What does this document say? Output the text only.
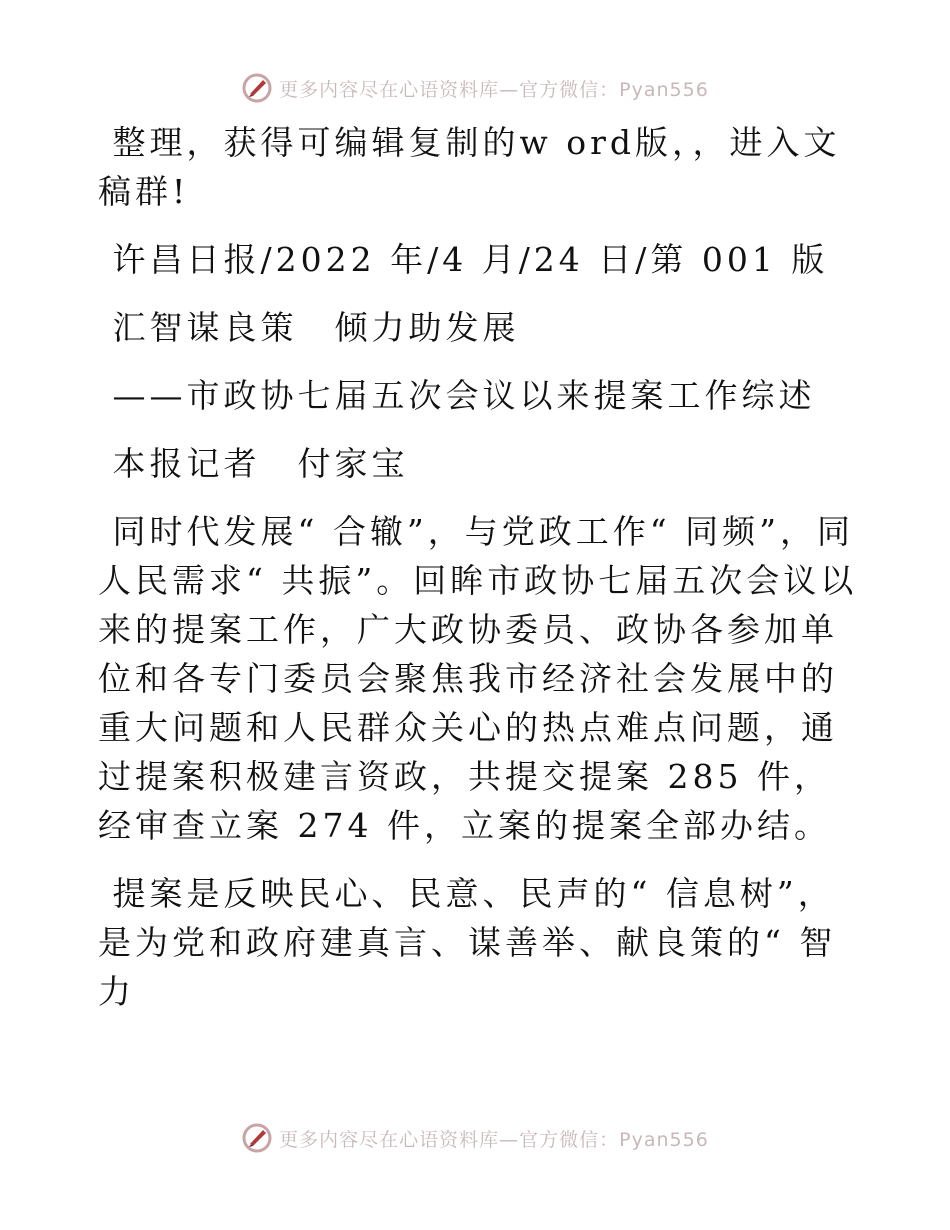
更多内容尽在心语资料库—官方微信：Pyan556

整理，获得可编辑复制的w ord版，，进入文稿群!

许昌日报/2022 年/4 月/24 日/第 001 版

汇智谋良策　倾力助发展

——市政协七届五次会议以来提案工作综述

本报记者　付家宝

同时代发展“ 合辙”，与党政工作“ 同频”，同人民需求“ 共振”。回眸市政协七届五次会议以来的提案工作，广大政协委员、政协各参加单位和各专门委员会聚焦我市经济社会发展中的重大问题和人民群众关心的热点难点问题，通过提案积极建言资政，共提交提案 285 件，经审查立案 274 件，立案的提案全部办结。

提案是反映民心、民意、民声的“ 信息树”，是为党和政府建真言、谋善举、献良策的“ 智力

更多内容尽在心语资料库—官方微信：Pyan556
